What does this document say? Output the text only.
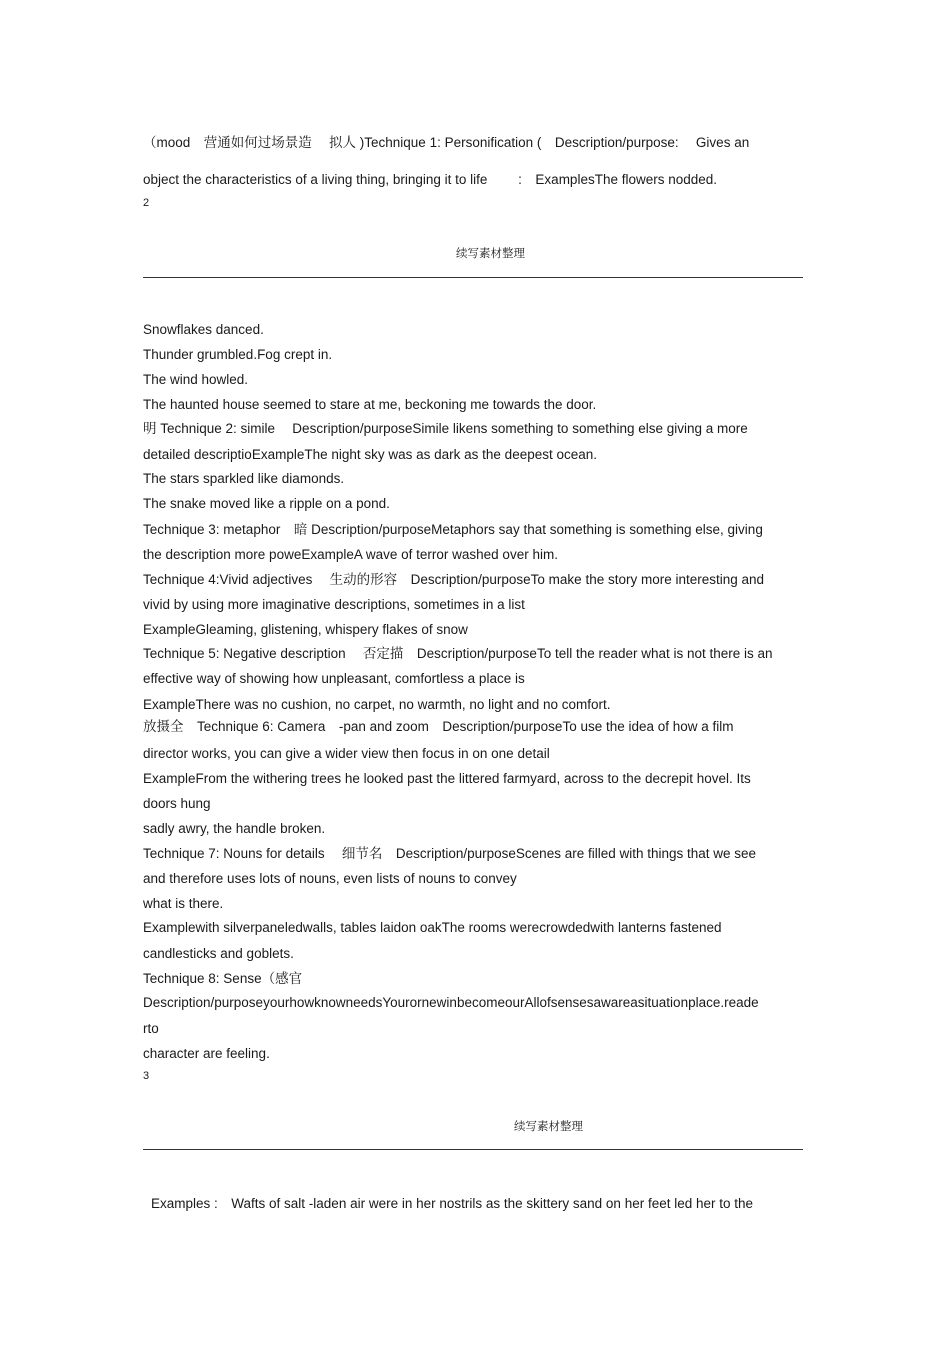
（mood　营通如何过场景造　 拟人 )Technique 1: Personification (　Description/purpose:　 Gives an
object the characteristics of a living thing, bringing it to life　　 :　ExamplesThe flowers nodded.
2
续写素材整理
Snowflakes danced.
Thunder grumbled.Fog crept in.
The wind howled.
The haunted house seemed to stare at me, beckoning me towards the door.
明 Technique 2: simile　 Description/purposeSimile likens something to something else giving a more
detailed descriptioExampleThe night sky was as dark as the deepest ocean.
The stars sparkled like diamonds.
The snake moved like a ripple on a pond.
Technique 3: metaphor　暗 Description/purposeMetaphors say that something is something else, giving
the description more poweExampleA wave of terror washed over him.
Technique 4:Vivid adjectives　 生动的形容　Description/purposeTo make the story more interesting and
vivid by using more imaginative descriptions, sometimes in a list
ExampleGleaming, glistening, whispery flakes of snow
Technique 5: Negative description　 否定描　Description/purposeTo tell the reader what is not there is an
effective way of showing how unpleasant, comfortless a place is
ExampleThere was no cushion, no carpet, no warmth, no light and no comfort.
放摄全　Technique 6: Camera　-pan and zoom　Description/purposeTo use the idea of how a film
director works, you can give a wider view then focus in on one detail
ExampleFrom the withering trees he looked past the littered farmyard, across to the decrepit hovel. Its
doors hung
sadly awry, the handle broken.
Technique 7: Nouns for details　 细节名　Description/purposeScenes are filled with things that we see
and therefore uses lots of nouns, even lists of nouns to convey
what is there.
Examplewith silverpaneledwalls, tables laidon oakThe rooms werecrowdedwith lanterns fastened
candlesticks and goblets.
Technique 8: Sense（感官
Description/purposeyourhowknowneedsYourornewinbecomeourAllofsensesawareasituationplace.reade
rto
character are feeling.
3
续写素材整理
Examples :　Wafts of salt -laden air were in her nostrils as the skittery sand on her feet led her to the
